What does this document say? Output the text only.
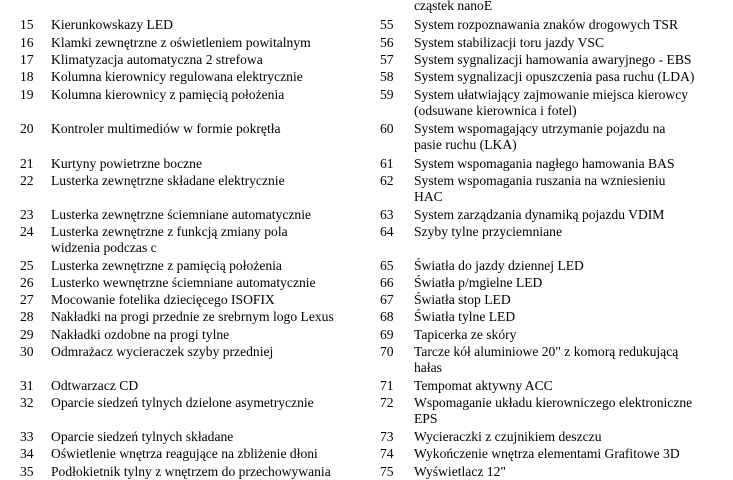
15 Kierunkowskazy LED
16 Klamki zewnętrzne z oświetleniem powitalnym
17 Klimatyzacja automatyczna 2 strefowa
18 Kolumna kierownicy regulowana elektrycznie
19 Kolumna kierownicy z pamięcią położenia
20 Kontroler multimediów w formie pokrętła
21 Kurtyny powietrzne boczne
22 Lusterka zewnętrzne składane elektrycznie
23 Lusterka zewnętrzne ściemniane automatycznie
24 Lusterka zewnętrzne z funkcją zmiany pola
widzenia podczas c
25 Lusterka zewnętrzne z pamięcią położenia
26 Lusterko wewnętrzne ściemniane automatycznie
27 Mocowanie fotelika dziecięcego ISOFIX
28 Nakładki na progi przednie ze srebrnym logo Lexus
29 Nakładki ozdobne na progi tylne
30 Odmrażacz wycieraczek szyby przedniej
31 Odtwarzacz CD
32 Oparcie siedzeń tylnych dzielone asymetrycznie
33 Oparcie siedzeń tylnych składane
34 Oświetlenie wnętrza reagujące na zbliżenie dłoni
35 Podłokietnik tylny z wnętrzem do przechowywania
cząstek nanoE
55 System rozpoznawania znaków drogowych TSR
56 System stabilizacji toru jazdy VSC
57 System sygnalizacji hamowania awaryjnego - EBS
58 System sygnalizacji opuszczenia pasa ruchu (LDA)
59 System ułatwiający zajmowanie miejsca kierowcy
(odsuwane kierownica i fotel)
60 System wspomagający utrzymanie pojazdu na
pasie ruchu (LKA)
61 System wspomagania nagłego hamowania BAS
62 System wspomagania ruszania na wzniesieniu
HAC
63 System zarządzania dynamiką pojazdu VDIM
64 Szyby tylne przyciemniane
65 Światła do jazdy dziennej LED
66 Światła p/mgielne LED
67 Światła stop LED
68 Światła tylne LED
69 Tapicerka ze skóry
70 Tarcze kół aluminiowe 20" z komorą redukującą
hałas
71 Tempomat aktywny ACC
72 Wspomaganie układu kierowniczego elektroniczne
EPS
73 Wycieraczki z czujnikiem deszczu
74 Wykończenie wnętrza elementami Grafitowe 3D
75 Wyświetlacz 12"
